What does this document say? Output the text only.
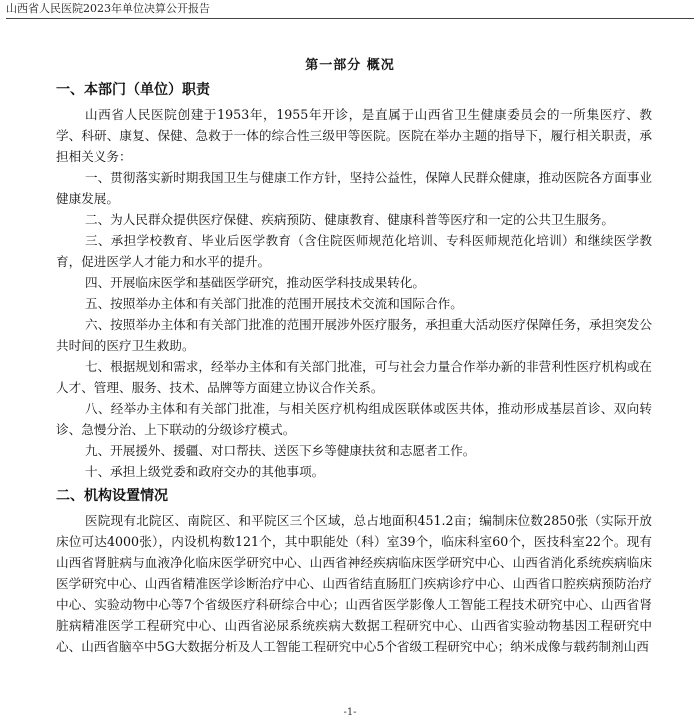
山西省人民医院2023年单位决算公开报告
第一部分 概况
一、本部门（单位）职责

山西省人民医院创建于1953年，1955年开诊，是直属于山西省卫生健康委员会的一所集医疗、教学、科研、康复、保健、急救于一体的综合性三级甲等医院。医院在举办主题的指导下，履行相关职责，承担相关义务：

一、贯彻落实新时期我国卫生与健康工作方针，坚持公益性，保障人民群众健康，推动医院各方面事业健康发展。

二、为人民群众提供医疗保健、疾病预防、健康教育、健康科普等医疗和一定的公共卫生服务。

三、承担学校教育、毕业后医学教育（含住院医师规范化培训、专科医师规范化培训）和继续医学教育，促进医学人才能力和水平的提升。

四、开展临床医学和基础医学研究，推动医学科技成果转化。

五、按照举办主体和有关部门批准的范围开展技术交流和国际合作。

六、按照举办主体和有关部门批准的范围开展涉外医疗服务，承担重大活动医疗保障任务，承担突发公共时间的医疗卫生救助。

七、根据规划和需求，经举办主体和有关部门批准，可与社会力量合作举办新的非营利性医疗机构或在人才、管理、服务、技术、品牌等方面建立协议合作关系。

八、经举办主体和有关部门批准，与相关医疗机构组成医联体或医共体，推动形成基层首诊、双向转诊、急慢分治、上下联动的分级诊疗模式。

九、开展援外、援疆、对口帮扶、送医下乡等健康扶贫和志愿者工作。

十、承担上级党委和政府交办的其他事项。

二、机构设置情况

医院现有北院区、南院区、和平院区三个区域，总占地面积451.2亩；编制床位数2850张（实际开放床位可达4000张），内设机构数121个，其中职能处（科）室39个，临床科室60个，医技科室22个。现有山西省肾脏病与血液净化临床医学研究中心、山西省神经疾病临床医学研究中心、山西省消化系统疾病临床医学研究中心、山西省精准医学诊断治疗中心、山西省结直肠肛门疾病诊疗中心、山西省口腔疾病预防治疗中心、实验动物中心等7个省级医疗科研综合中心；山西省医学影像人工智能工程技术研究中心、山西省肾脏病精准医学工程研究中心、山西省泌尿系统疾病大数据工程研究中心、山西省实验动物基因工程研究中心、山西省脑卒中5G大数据分析及人工智能工程研究中心5个省级工程研究中心；纳米成像与载药制剂山西

-1-
